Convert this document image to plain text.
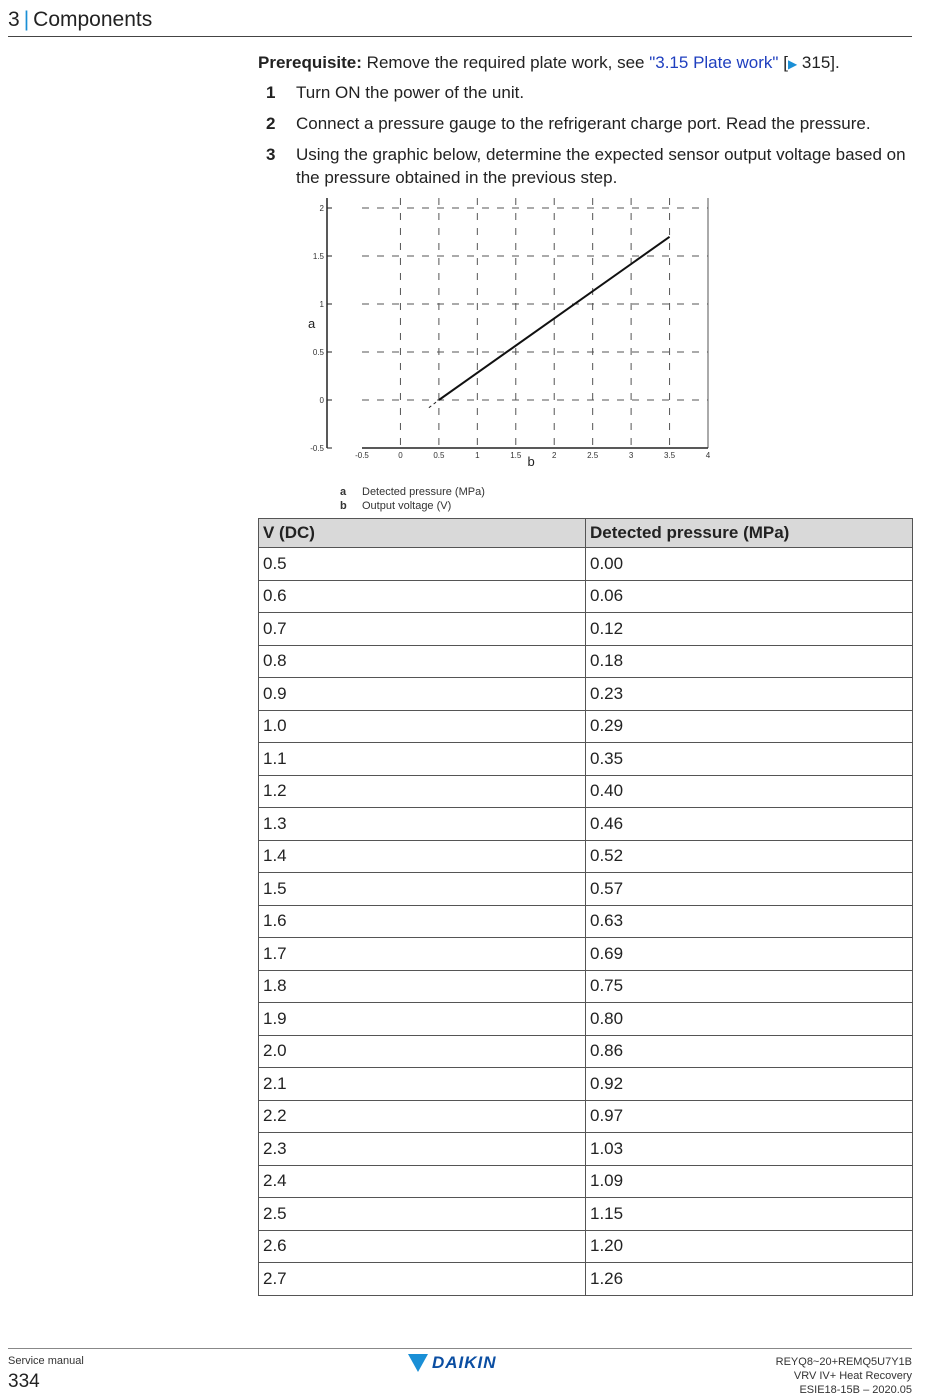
3 | Components
Prerequisite: Remove the required plate work, see "3.15 Plate work" [▶ 315].
1	Turn ON the power of the unit.
2	Connect a pressure gauge to the refrigerant charge port. Read the pressure.
3	Using the graphic below, determine the expected sensor output voltage based on the pressure obtained in the previous step.
-0.5
0
0.5
1
1.5
2
-0.5	0	0.5	1	1.5	2	2.5	3	3.5	4
a
b
a	Detected pressure (MPa)
b	Output voltage (V)
V (DC)	Detected pressure (MPa)
0.5	0.00
0.6	0.06
0.7	0.12
0.8	0.18
0.9	0.23
1.0	0.29
1.1	0.35
1.2	0.40
1.3	0.46
1.4	0.52
1.5	0.57
1.6	0.63
1.7	0.69
1.8	0.75
1.9	0.80
2.0	0.86
2.1	0.92
2.2	0.97
2.3	1.03
2.4	1.09
2.5	1.15
2.6	1.20
2.7	1.26
Service manual
334
DAIKIN	REYQ8~20+REMQ5U7Y1B
VRV IV+ Heat Recovery
ESIE18-15B – 2020.05
